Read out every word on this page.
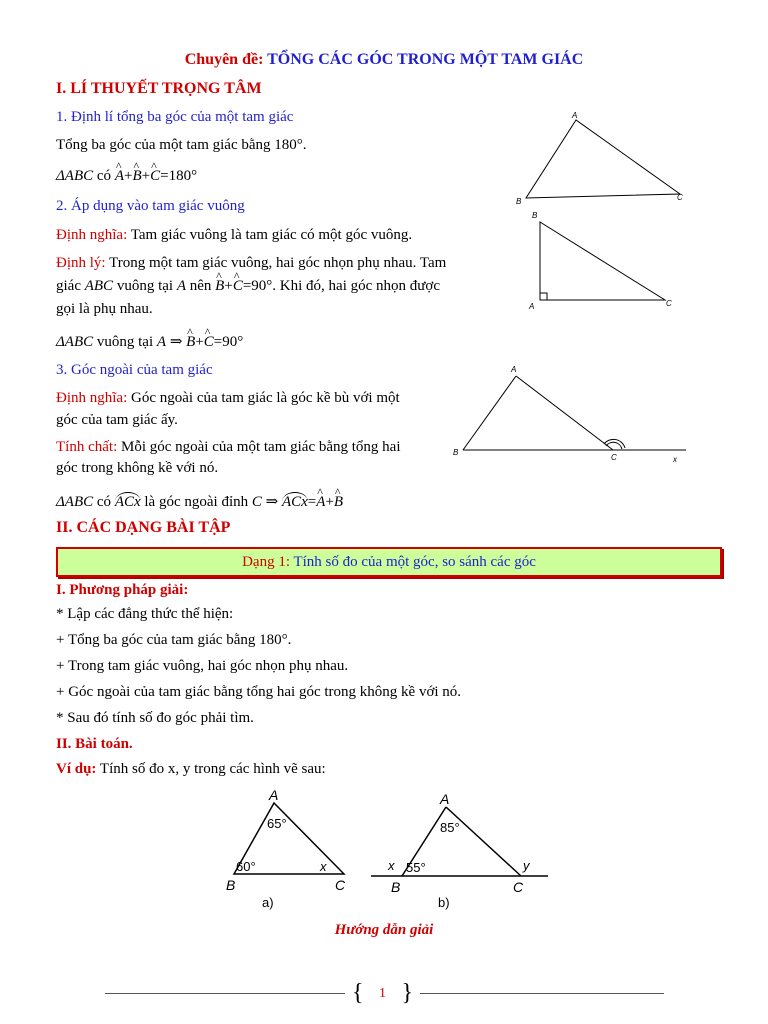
Chuyên đề: TỔNG CÁC GÓC TRONG MỘT TAM GIÁC
I. LÍ THUYẾT TRỌNG TÂM
1. Định lí tổng ba góc của một tam giác
Tổng ba góc của một tam giác bằng 180°.
ΔABC có ^ A+^ B+^ C=180°
2. Áp dụng vào tam giác vuông
Định nghĩa: Tam giác vuông là tam giác có một góc vuông.
Định lý: Trong một tam giác vuông, hai góc nhọn phụ nhau. Tam
giác ABC vuông tại A nên ^ B+^ C=90°. Khi đó, hai góc nhọn được
gọi là phụ nhau.
ΔABC vuông tại A ⇒ ^ B+^ C=90°
3. Góc ngoài của tam giác
Định nghĩa: Góc ngoài của tam giác là góc kề bù với một
góc của tam giác ấy.
Tính chất: Mỗi góc ngoài của một tam giác bằng tổng hai
góc trong không kề với nó.
ΔABC có ACx là góc ngoài đỉnh C ⇒ ACx=^ A+^ B
II. CÁC DẠNG BÀI TẬP
Dạng 1: Tính số đo của một góc, so sánh các góc
I. Phương pháp giải:
* Lập các đẳng thức thể hiện:
+ Tổng ba góc của tam giác bằng 180°.
+ Trong tam giác vuông, hai góc nhọn phụ nhau.
+ Góc ngoài của tam giác bằng tổng hai góc trong không kề với nó.
* Sau đó tính số đo góc phải tìm.
II. Bài toán.
Ví dụ: Tính số đo x, y trong các hình vẽ sau:
Hướng dẫn giải
A
B	C
B
A	C
A
B
C	x
A
65°
60°	x
B	C
a)
A
85°
x 55°	y
B	C
b)
{ 1 }
